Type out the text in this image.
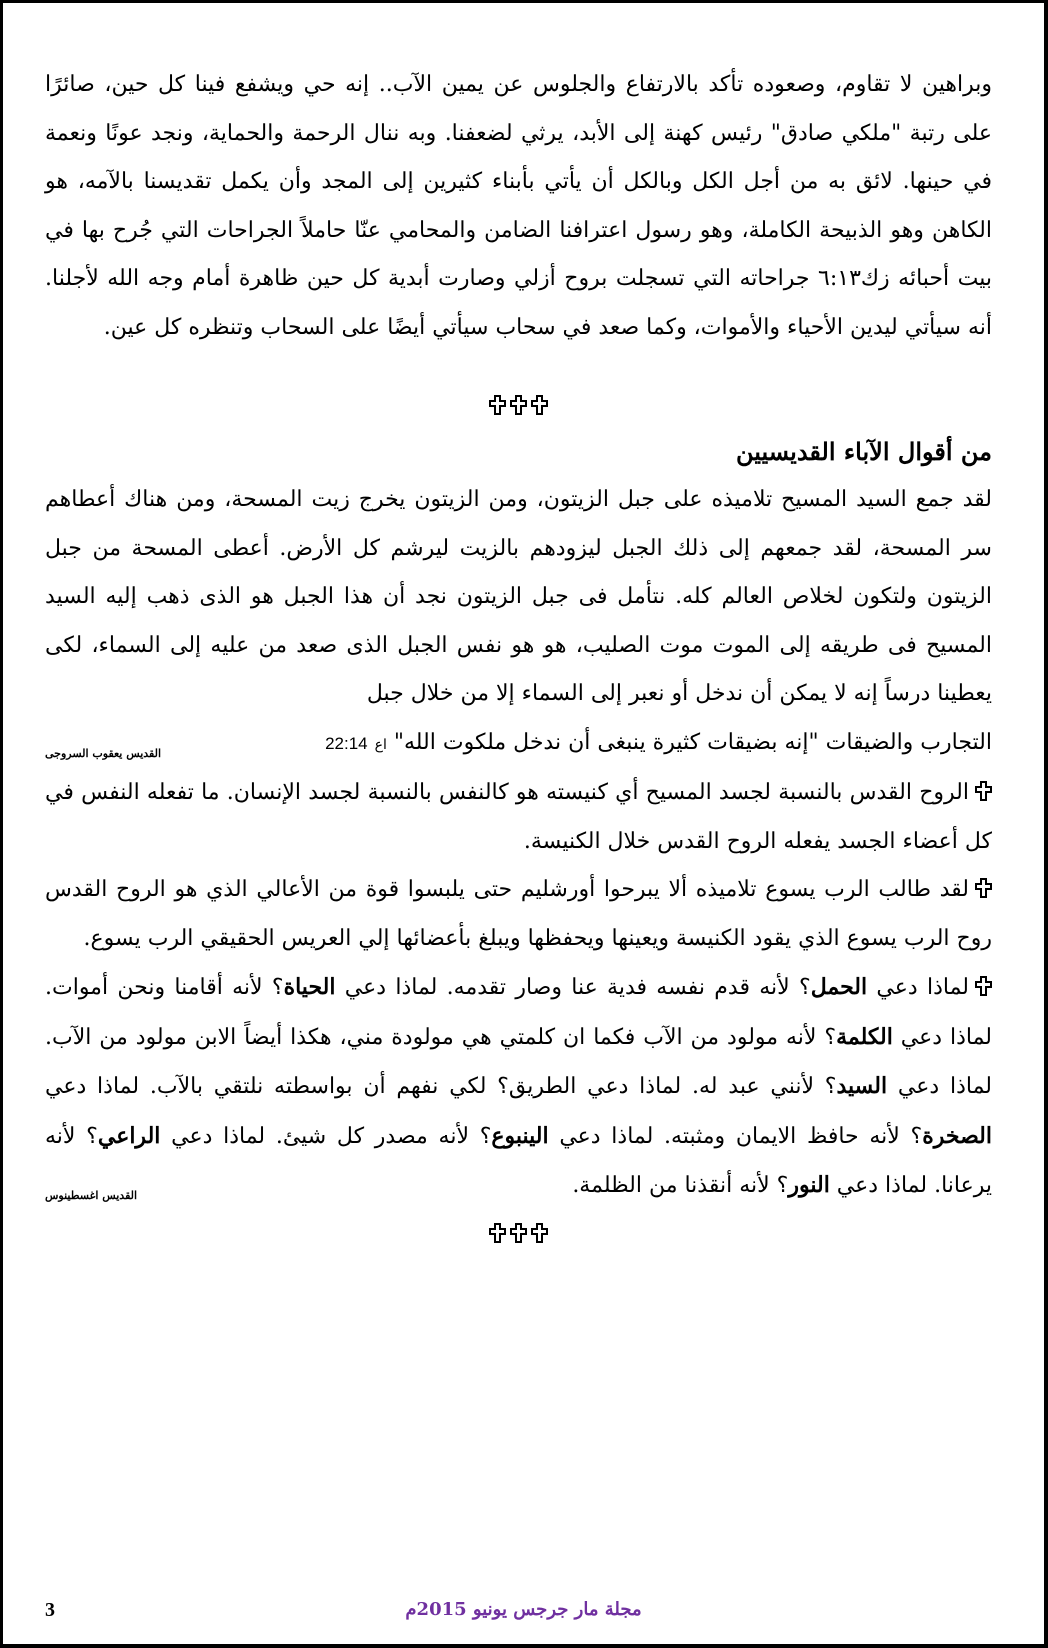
وبراهين لا تقاوم، وصعوده تأكد بالارتفاع والجلوس عن يمين الآب.. إنه حي ويشفع فينا كل حين، صائرًا على رتبة "ملكي صادق" رئيس كهنة إلى الأبد، يرثي لضعفنا. وبه ننال الرحمة والحماية، ونجد عونًا ونعمة في حينها. لائق به من أجل الكل وبالكل أن يأتي بأبناء كثيرين إلى المجد وأن يكمل تقديسنا بالآمه، هو الكاهن وهو الذبيحة الكاملة، وهو رسول اعترافنا الضامن والمحامي عنّا حاملاً الجراحات التي جُرح بها في بيت أحبائه زك٦:١٣ جراحاته التي تسجلت بروح أزلي وصارت أبدية كل حين ظاهرة أمام وجه الله لأجلنا. أنه سيأتي ليدين الأحياء والأموات، وكما صعد في سحاب سيأتي أيضًا على السحاب وتنظره كل عين.

من أقوال الآباء القديسيين

لقد جمع السيد المسيح تلاميذه على جبل الزيتون، ومن الزيتون يخرج زيت المسحة، ومن هناك أعطاهم سر المسحة، لقد جمعهم إلى ذلك الجبل ليزودهم بالزيت ليرشم كل الأرض. أعطى المسحة من جبل الزيتون ولتكون لخلاص العالم كله. نتأمل فى جبل الزيتون نجد أن هذا الجبل هو الذى ذهب إليه السيد المسيح فى طريقه إلى الموت موت الصليب، هو هو نفس الجبل الذى صعد من عليه إلى السماء، لكى يعطينا درساً إنه لا يمكن أن ندخل أو نعبر إلى السماء إلا من خلال جبل

التجارب والضيقات "إنه بضيقات كثيرة ينبغى أن ندخل ملكوت الله" اع 22:14
القديس يعقوب السروجى

الروح القدس بالنسبة لجسد المسيح أي كنيسته هو كالنفس بالنسبة لجسد الإنسان. ما تفعله النفس في كل أعضاء الجسد يفعله الروح القدس خلال الكنيسة.

لقد طالب الرب يسوع تلاميذه ألا يبرحوا أورشليم حتى يلبسوا قوة من الأعالي الذي هو الروح القدس روح الرب يسوع الذي يقود الكنيسة ويعينها ويحفظها ويبلغ بأعضائها إلي العريس الحقيقي الرب يسوع.

لماذا دعي الحمل؟ لأنه قدم نفسه فدية عنا وصار تقدمه. لماذا دعي الحياة؟ لأنه أقامنا ونحن أموات. لماذا دعي الكلمة؟ لأنه مولود من الآب فكما ان كلمتي هي مولودة مني، هكذا أيضاً الابن مولود من الآب. لماذا دعي السيد؟ لأنني عبد له. لماذا دعي الطريق؟ لكي نفهم أن بواسطته نلتقي بالآب. لماذا دعي الصخرة؟ لأنه حافظ الايمان ومثبته. لماذا دعي الينبوع؟ لأنه مصدر كل شيئ. لماذا دعي الراعي؟ لأنه يرعانا. لماذا دعي النور؟ لأنه أنقذنا من الظلمة.
القديس اغسطينوس
3	مجلة مار جرجس يونيو 2015م
